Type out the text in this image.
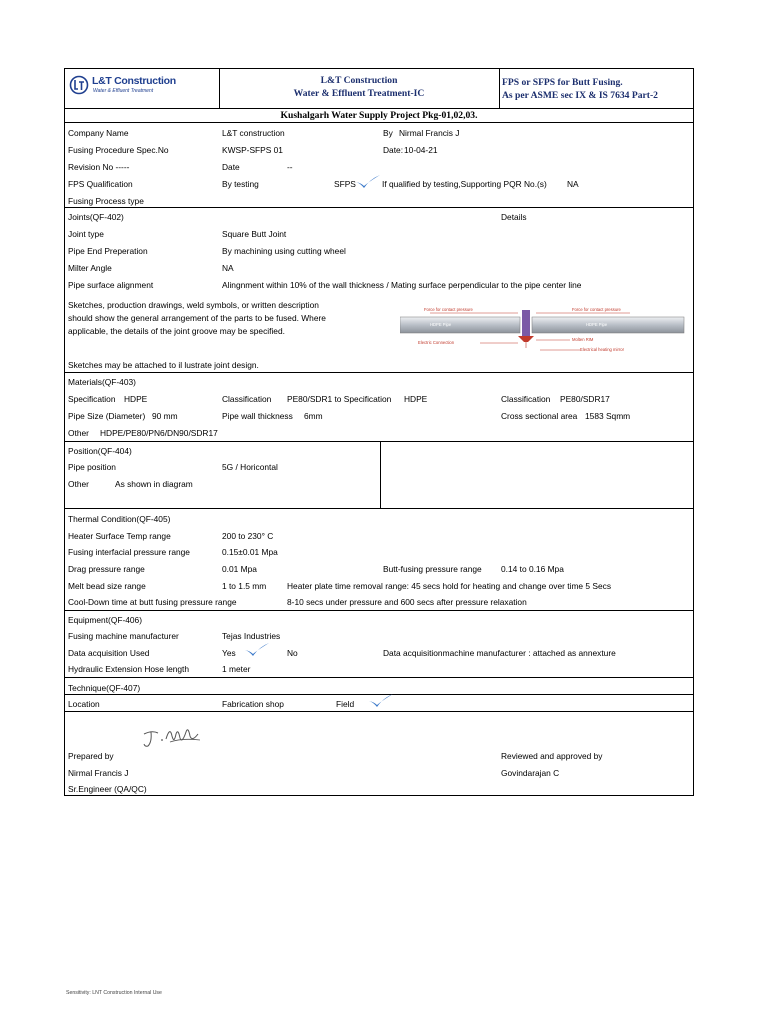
L&T Construction
Water & Effluent Treatment
L&T Construction
Water & Effluent Treatment-IC
FPS or SFPS for Butt Fusing.
As per ASME sec IX & IS 7634 Part-2
Kushalgarh Water Supply Project Pkg-01,02,03.
Company Name	L&T construction	By Nirmal Francis J
Fusing Procedure Spec.No	KWSP-SFPS 01	Date: 10-04-21
Revision No -----	Date	--
FPS Qualification	By testing	SFPS	If qualified by testing,Supporting PQR No.(s) NA
Fusing Process type
Joints(QF-402)	Details
Joint type	Square Butt Joint
Pipe End Preperation	By machining using cutting wheel
Milter Angle	NA
Pipe surface alignment	Alingnment within 10% of the wall thickness / Mating surface perpendicular to the pipe center line
Sketches, production drawings, weld symbols, or written description
should show the general arrangement of the parts to be fused. Where
applicable, the details of the joint groove may be specified.
Force for contact pressure	Force for contact pressure
HDPE Pipe	HDPE Pipe
Electric Connection
Molten RIM
Electrical heating mirror
Sketches may be attached to il lustrate joint design.
Materials(QF-403)
Specification HDPE	Classification PE80/SDR1 to Specification HDPE	Classification PE80/SDR17
Pipe Size (Diameter) 90 mm	Pipe wall thickness 6mm	Cross sectional area 1583 Sqmm
Other HDPE/PE80/PN6/DN90/SDR17
Position(QF-404)
Pipe position	5G / Horicontal
Other	As shown in diagram
Thermal Condition(QF-405)
Heater Surface Temp range	200 to 230° C
Fusing interfacial pressure range	0.15±0.01 Mpa
Drag pressure range	0.01 Mpa	Butt-fusing pressure range 0.14 to 0.16 Mpa
Melt bead size range	1 to 1.5 mm Heater plate time removal range: 45 secs hold for heating and change over time 5 Secs
Cool-Down time at butt fusing pressure range	8-10 secs under pressure and 600 secs after pressure relaxation
Equipment(QF-406)
Fusing machine manufacturer	Tejas Industries
Data acquisition Used	Yes	No	Data acquisitionmachine manufacturer : attached as annexture
Hydraulic Extension Hose length	1 meter
Technique(QF-407)
Location	Fabrication shop	Field
Prepared by	Reviewed and approved by
Nirmal Francis J	Govindarajan C
Sr.Engineer (QA/QC)
Sensitivity: LNT Construction Internal Use
